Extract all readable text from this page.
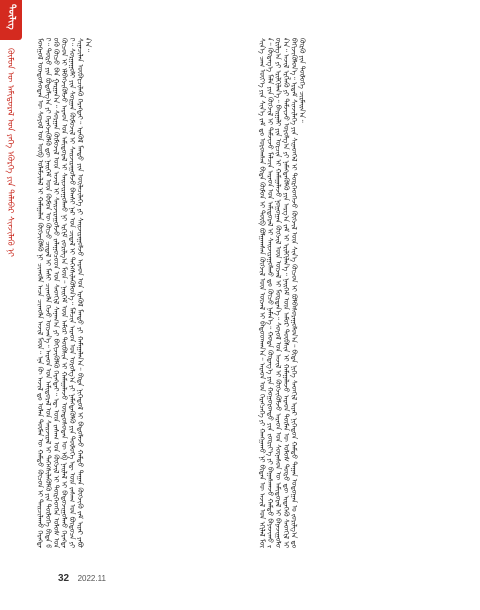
ᠳᠦᠯᠢᠭ
ᠬᠦᠮᠦᠨ ᠦ ᠠᠮᠢᠳᠤᠷᠠᠯ ᠤᠨ ᠶᠡᠬᠡ ᠡᠭᠦᠷᠭᠡ ᠶᠢᠨ ᠲᠠᠯᠠᠪᠠᠷ ᠰᠢᠨᠵᠢᠯᠡᠬᠦ ᠨᠢ	ᠮᠣᠩᠭᠣᠯ ᠦᠨᠳᠦᠰᠦᠲᠡᠨ ᠦ ᠰᠤᠶᠤᠯ ᠤᠨ ᠥᠪ ᠤᠯᠠᠮᠵᠢᠯᠠᠯ ᠢ ᠬᠠᠮᠠᠭᠠᠯᠠᠨ ᠬᠥᠭᠵᠢᠭᠦᠯᠬᠦ ᠨᠢ ᠴᠢᠬᠤᠯᠠ ᠠᠴᠠ ᠴᠢᠬᠤᠯᠠ ᠠᠵᠢᠯ ᠮᠥᠨ᠃ ᠡᠨᠡ ᠬᠦ ᠠᠵᠢᠯ ᠳᠤ ᠣᠯᠠᠨ ᠲᠥᠮᠡᠨ ᠦ ᠬᠠᠮᠲᠤ ᠬᠦᠴᠦᠨ ᠢ ᠳᠠᠢᠴᠢᠯᠠᠬᠤ ᠬᠡᠷᠡᠭᠲᠡᠢ᠃ ᠲᠥᠷᠦ ᠶᠢᠨ ᠪᠣᠳᠣᠯᠭ᠎ᠠ ᠶᠢ ᠬᠡᠷᠡᠭᠵᠢᠭᠦᠯᠬᠦ ᠳᠦ ᠨᠡᠢᠭᠡᠮ ᠦᠨ ᠬᠦᠮᠦᠨ ᠦ ᠬᠦᠴᠦ ᠴᠢᠳᠠᠯ ᠢ ᠮᠠᠰᠢ ᠴᠢᠬᠤᠯᠠ ᠭᠡᠵᠦ ᠦᠵᠡᠨ᠎ᠡ᠃ ᠠᠷᠠᠳ ᠤᠨ ᠠᠮᠢᠳᠤᠷᠠᠯ ᠤᠨ ᠰᠠᠢᠵᠢᠷᠠᠯ ᠢ ᠳᠡᠭᠡᠭᠰᠢᠯᠡᠭᠦᠯᠬᠦ ᠶᠢᠨ ᠲᠥᠯᠥᠭᠡ ᠪᠢᠳᠡ ᠪᠦᠬᠦ ᠬᠦᠴᠦ ᠪᠡᠨ ᠭᠠᠷᠭᠠᠨ᠎ᠠ᠃ ᠰᠤᠷᠭᠠᠨ ᠬᠦᠮᠦᠵᠢᠯ ᠦᠨ ᠠᠵᠢᠯ ᠢ ᠰᠠᠢᠵᠢᠷᠠᠭᠤᠯᠵᠤ ᠵᠠᠯᠠᠭᠤᠴᠤᠳ ᠤᠨ ᠰᠡᠳᠬᠢᠯ ᠰᠠᠨᠠᠭ᠎ᠠ ᠶᠢ ᠪᠡᠬᠢᠵᠢᠭᠦᠯᠬᠦ ᠬᠡᠷᠡᠭᠲᠡᠢ᠃ ᠡᠳ᠋ ᠦᠨ ᠵᠠᠰᠠᠭ ᠤᠨ ᠬᠥᠭᠵᠢᠯ ᠢ ᠲᠦᠷᠭᠡᠳᠭᠡᠨ ᠤᠯᠤᠰ ᠤᠨ ᠬᠦᠴᠦᠨ ᠢ ᠡᠯᠪᠡᠭᠵᠢᠭᠦᠯᠵᠦ ᠠᠷᠠᠳ ᠤᠨ ᠠᠮᠢᠳᠤᠷᠠᠯ ᠢ ᠰᠠᠢᠵᠢᠷᠠᠭᠤᠯᠬᠤ ᠨᠢ ᠡᠷᠬᠢᠮ ᠵᠣᠷᠢᠯᠭ᠎ᠠ ᠮᠥᠨ᠃ ᠨᠡᠢᠭᠡᠮ ᠦᠨ ᠠᠮᠤᠷ ᠲᠦᠪᠰᠢᠨ ᠢ ᠬᠠᠮᠠᠭᠠᠯᠠᠵᠤ ᠦᠨᠳᠦᠰᠦᠲᠡᠨ ᠦ ᠡᠪ ᠨᠡᠢᠯᠡᠯ ᠢ ᠪᠠᠲᠤᠵᠢᠭᠤᠯᠬᠤ ᠬᠡᠷᠡᠭᠲᠡᠢ᠃ ᠰᠤᠷᠭᠠᠭᠤᠯᠢ ᠶᠢᠨ ᠰᠤᠷᠭᠠᠨ ᠬᠦᠮᠦᠵᠢᠯ ᠢ ᠰᠠᠢᠵᠢᠷᠠᠭᠤᠯᠵᠤ ᠪᠠᠭᠰᠢ ᠨᠠᠷ ᠤᠨ ᠴᠢᠳᠠᠯ ᠢ ᠳᠡᠭᠡᠭᠰᠢᠯᠡᠭᠦᠯᠦᠨ᠎ᠡ᠃ ᠮᠠᠯᠴᠢᠨ ᠠᠷᠠᠳ ᠤᠨ ᠣᠷᠣᠯᠭ᠎ᠠ ᠶᠢ ᠨᠡᠮᠡᠭᠳᠡᠭᠦᠯᠬᠦ ᠶᠢᠨ ᠲᠥᠯᠥᠭᠡ ᠡᠳ᠋ ᠦᠨ ᠵᠠᠰᠠᠭ ᠤᠨ ᠪᠦᠲᠦᠴᠡ ᠶᠢ ᠰᠢᠨᠡᠴᠢᠯᠡᠨ ᠥᠪᠡᠷᠴᠢᠯᠡᠬᠦ ᠬᠡᠷᠡᠭᠲᠡᠢ᠃ ᠡᠷᠡᠭᠦᠯ ᠮᠡᠨᠳᠦ ᠶᠢᠨ ᠦᠢᠯᠡᠴᠢᠯᠡᠭᠡ ᠶᠢ ᠰᠠᠢᠵᠢᠷᠠᠭᠤᠯᠵᠤ ᠠᠷᠠᠳ ᠤᠨ ᠡᠷᠡᠭᠦᠯ ᠮᠡᠨᠳᠦ ᠶᠢ ᠬᠠᠮᠠᠭᠠᠯᠠᠨ᠎ᠠ᠃ ᠪᠢᠳᠡ ᠨᠢᠭᠡᠳᠦᠯ ᠢ ᠪᠠᠲᠤᠯᠠᠵᠤ ᠬᠠᠮᠲᠤ ᠳᠠᠭᠠᠨ ᠬᠥᠭᠵᠢᠬᠦ ᠵᠠᠮ ᠢᠶᠠᠷ ᠶᠠᠪᠤᠨ᠎ᠠ᠃	ᠰᠢᠨ᠎ᠡ ᠴᠠᠭ ᠦᠶ᠎ᠡ ᠶᠢᠨ ᠰᠢᠨ᠎ᠡ ᠵᠠᠮ ᠳᠤ ᠣᠷᠣᠭᠰᠠᠨ ᠪᠢᠳᠡ ᠬᠦᠮᠦᠨ ᠢ ᠲᠥᠪ ᠪᠣᠯᠭᠠᠭᠰᠠᠨ ᠬᠥᠭᠵᠢᠯ ᠦᠨ ᠦᠵᠡᠯ ᠢ ᠪᠠᠲᠤᠳᠬᠠᠨ᠎ᠠ᠃ ᠠᠷᠠᠳ ᠤᠨ ᠬᠡᠷᠡᠭᠴᠡᠭᠡ ᠶᠢ ᠬᠠᠩᠭᠠᠬᠤ ᠨᠢ ᠪᠢᠳᠡᠨ ᠦ ᠠᠵᠢᠯ ᠤᠨ ᠡᠬᠢᠯᠡᠯ ᠮᠥᠨ᠃ ᠬᠥᠳᠡᠭ᠎ᠡ ᠮᠠᠯᠠ ᠶᠢᠨ ᠬᠥᠭᠵᠢᠯ ᠢ ᠳᠡᠮᠵᠢᠵᠦ ᠮᠠᠯᠴᠢᠨ ᠠᠷᠠᠳ ᠤᠨ ᠠᠮᠢᠳᠤᠷᠠᠯ ᠢ ᠰᠠᠢᠵᠢᠷᠠᠭᠤᠯᠬᠤ ᠳᠤ ᠬᠦᠴᠦ ᠨᠡᠮᠡᠨ᠎ᠡ᠃ ᠬᠣᠲᠠ ᠬᠥᠳᠡᠭ᠎ᠡ ᠶᠢᠨ ᠬᠣᠭᠣᠷᠣᠨᠳᠤ ᠶᠢᠨ ᠵᠥᠷᠢᠶ᠎ᠡ ᠶᠢ ᠪᠠᠭᠠᠰᠭᠠᠵᠤ ᠬᠠᠮᠲᠤ ᠪᠠᠶᠠᠵᠢᠬᠤ ᠵᠣᠷᠢᠯᠭ᠎ᠠ ᠶᠢ ᠡᠷᠢᠯᠬᠢᠯᠡᠨ᠎ᠡ᠃ ᠪᠠᠢᠭᠠᠯᠢ ᠶᠢᠨ ᠣᠷᠴᠢᠨ ᠢ ᠬᠠᠮᠠᠭᠠᠯᠠᠵᠤ ᠨᠣᠭᠣᠭᠠᠨ ᠬᠥᠭᠵᠢᠯ ᠦᠨ ᠦᠵᠡᠯ ᠢ ᠮᠥᠷᠳᠡᠨ᠎ᠡ᠃ ᠰᠤᠶᠤᠯ ᠤᠨ ᠠᠵᠢᠯ ᠢ ᠬᠥᠭᠵᠢᠭᠦᠯᠵᠦ ᠠᠷᠠᠳ ᠤᠨ ᠰᠦᠨᠡᠰᠦᠨ ᠦ ᠠᠮᠢᠳᠤᠷᠠᠯ ᠢ ᠪᠠᠶᠠᠵᠢᠭᠤᠯᠤᠨ᠎ᠠ᠃ ᠠᠵᠢᠯ ᠡᠷᠬᠯᠡᠬᠦ ᠶᠢ ᠳᠡᠮᠵᠢᠵᠦ ᠣᠷᠣᠯᠭ᠎ᠠ ᠶᠢ ᠨᠡᠮᠡᠭᠳᠡᠭᠦᠯᠬᠦ ᠶᠢᠨ ᠠᠷᠭ᠎ᠠ ᠵᠠᠮ ᠢ ᠡᠷᠢᠯᠬᠢᠯᠡᠨ᠎ᠡ᠃ ᠨᠡᠢᠭᠡᠮ ᠦᠨ ᠠᠮᠤᠷ ᠲᠦᠪᠰᠢᠨ ᠢ ᠬᠠᠮᠠᠭᠠᠯᠠᠵᠤ ᠠᠷᠠᠳ ᠲᠥᠮᠡᠨ ᠦ ᠤᠯᠤᠰ ᠲᠥᠷᠦ ᠳᠦ ᠢᠳᠡᠭᠡᠬᠦ ᠰᠡᠳᠬᠢᠯ ᠢ ᠪᠡᠬᠢᠵᠢᠭᠦᠯᠦᠨ᠎ᠡ᠃ ᠡᠷᠳᠡᠮ ᠰᠢᠨᠵᠢᠯᠡᠭᠡ ᠶᠢᠨ ᠰᠢᠨᠡᠳᠬᠡᠯ ᠢ ᠲᠦᠷᠭᠡᠳᠭᠡᠵᠦ ᠬᠥᠭᠵᠢᠯ ᠦᠨ ᠰᠢᠨ᠎ᠡ ᠬᠦᠴᠦᠨ ᠢ ᠪᠣᠯᠪᠠᠰᠤᠷᠠᠭᠤᠯᠤᠨ᠎ᠠ᠃ ᠪᠢᠳᠡ ᠨᠢᠭᠡ ᠰᠡᠳᠬᠢᠯ ᠢᠶᠡᠷ ᠨᠢᠭᠡᠳᠦᠨ ᠬᠠᠮᠲᠤ ᠳᠠᠭᠠᠨ ᠤᠳᠤᠭᠠᠨ ᠤ ᠵᠣᠷᠢᠯᠭ᠎ᠠ ᠳᠤ ᠬᠦᠷᠬᠦ ᠶᠢᠨ ᠲᠥᠯᠥᠭᠡ ᠴᠢᠷᠮᠠᠢᠨ᠎ᠠ᠃
32 2022.11
